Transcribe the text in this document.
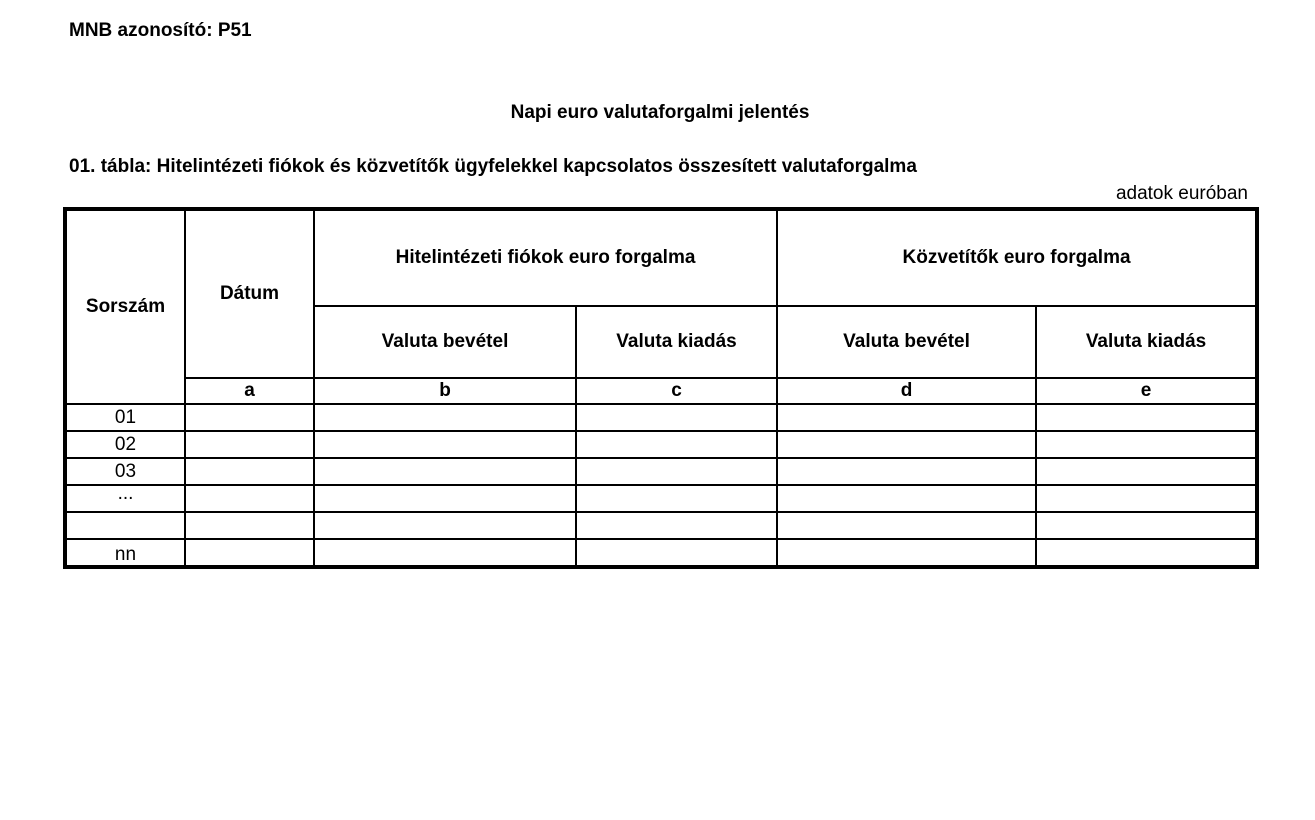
MNB azonosító: P51
Napi euro valutaforgalmi jelentés
01. tábla: Hitelintézeti fiókok és közvetítők ügyfelekkel kapcsolatos összesített valutaforgalma
adatok euróban
Sorszám	Dátum	Hitelintézeti fiókok euro forgalma		Közvetítők euro forgalma	
		Valuta bevétel	Valuta kiadás	Valuta bevétel	Valuta kiadás
	a	b	c	d	e
01					
02					
03					
...					

nn					
